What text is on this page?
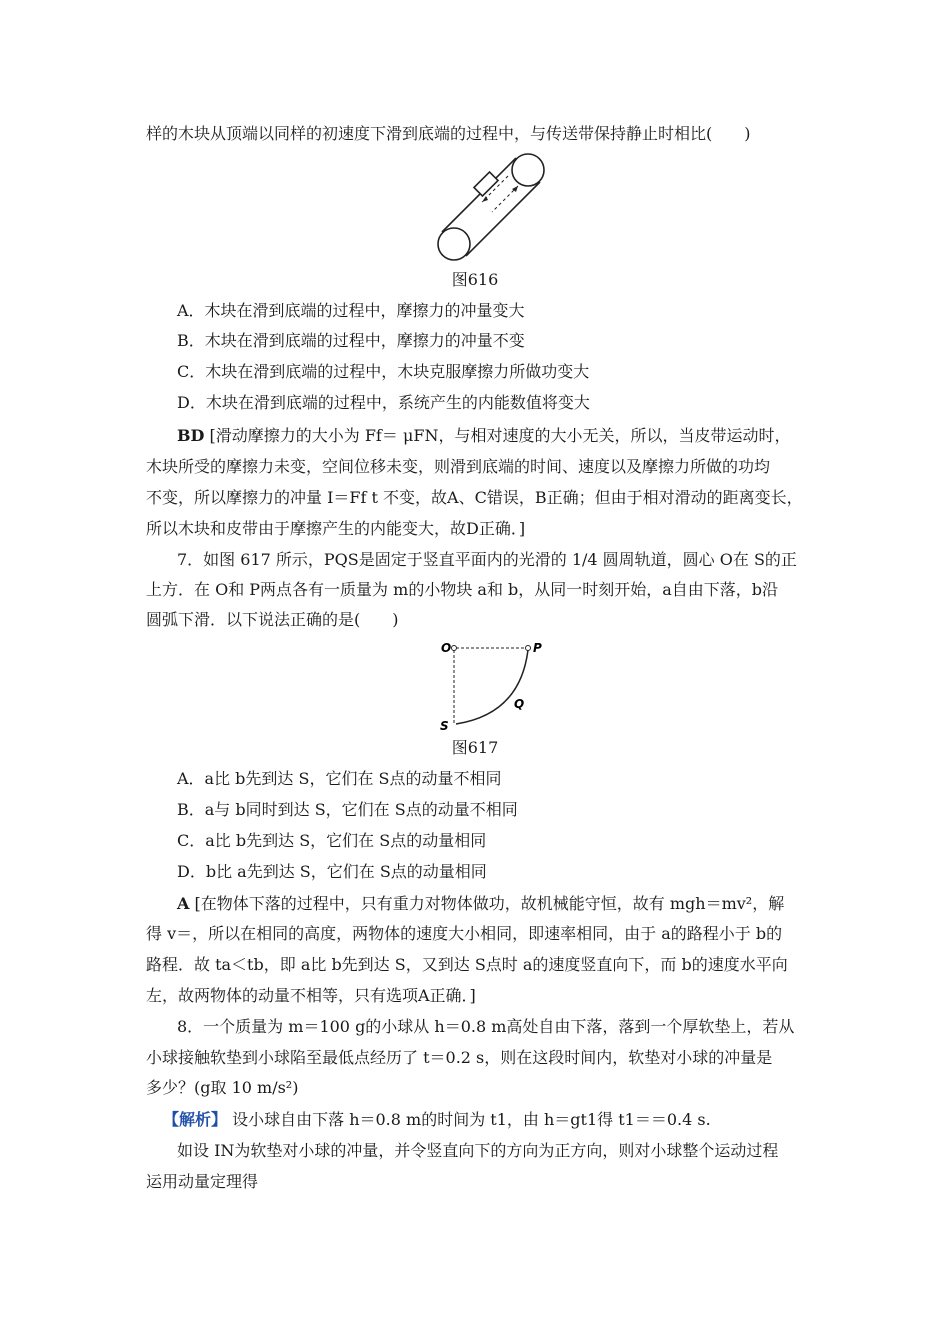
样的木块从顶端以同样的初速度下滑到底端的过程中，与传送带保持静止时相比(　　)
图616
A．木块在滑到底端的过程中，摩擦力的冲量变大
B．木块在滑到底端的过程中，摩擦力的冲量不变
C．木块在滑到底端的过程中，木块克服摩擦力所做功变大
D．木块在滑到底端的过程中，系统产生的内能数值将变大
BD [滑动摩擦力的大小为 Ff＝ μFN，与相对速度的大小无关，所以，当皮带运动时，
木块所受的摩擦力未变，空间位移未变，则滑到底端的时间、速度以及摩擦力所做的功均
不变，所以摩擦力的冲量 I＝Ff t 不变，故A、C错误，B正确；但由于相对滑动的距离变长，
所以木块和皮带由于摩擦产生的内能变大，故D正确．]
7．如图 617 所示，PQS是固定于竖直平面内的光滑的 1/4 圆周轨道，圆心 O在 S的正
上方．在 O和 P两点各有一质量为 m的小物块 a和 b，从同一时刻开始，a自由下落，b沿
圆弧下滑．以下说法正确的是(　　)
O	P
Q
S
图617
A．a比 b先到达 S，它们在 S点的动量不相同
B．a与 b同时到达 S，它们在 S点的动量不相同
C．a比 b先到达 S，它们在 S点的动量相同
D．b比 a先到达 S，它们在 S点的动量相同
A [在物体下落的过程中，只有重力对物体做功，故机械能守恒，故有 mgh＝mv²，解
得 v＝，所以在相同的高度，两物体的速度大小相同，即速率相同，由于 a的路程小于 b的
路程．故 ta＜tb，即 a比 b先到达 S，又到达 S点时 a的速度竖直向下，而 b的速度水平向
左，故两物体的动量不相等，只有选项A正确．]
8．一个质量为 m＝100 g的小球从 h＝0.8 m高处自由下落，落到一个厚软垫上，若从
小球接触软垫到小球陷至最低点经历了 t＝0.2 s，则在这段时间内，软垫对小球的冲量是
多少？(g取 10 m/s²)
【解析】 设小球自由下落 h＝0.8 m的时间为 t1，由 h＝gt1得 t1＝＝0.4 s.
如设 IN为软垫对小球的冲量，并令竖直向下的方向为正方向，则对小球整个运动过程
运用动量定理得
